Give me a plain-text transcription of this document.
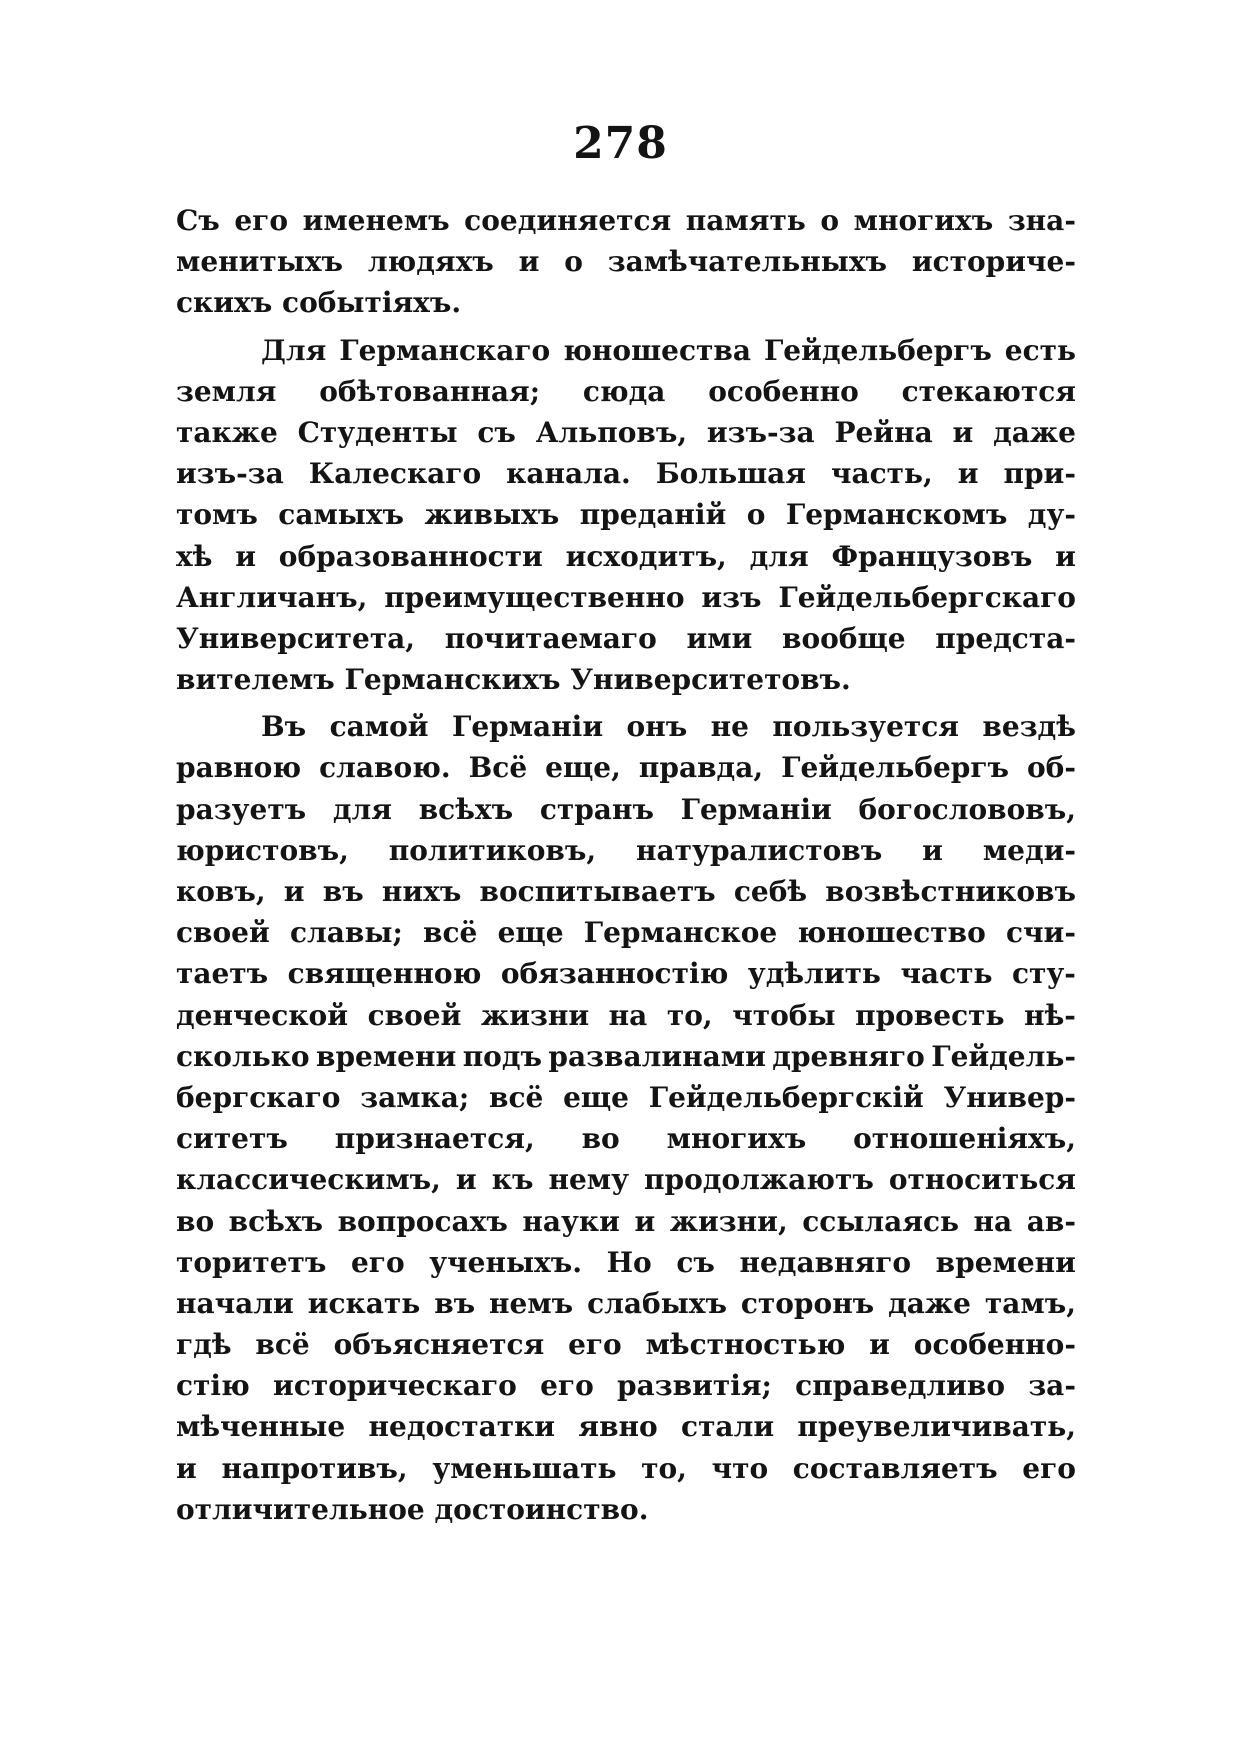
278
Съ его именемъ соединяется память о многихъ зна-
менитыхъ людяхъ и о замѣчательныхъ историче-
скихъ событіяхъ.
Для Германскаго юношества Гейдельбергъ есть
земля обѣтованная; сюда особенно стекаются
также Студенты съ Альповъ, изъ-за Рейна и даже
изъ-за Калескаго канала. Большая часть, и при-
томъ самыхъ живыхъ преданій о Германскомъ ду-
хѣ и образованности исходитъ, для Французовъ и
Англичанъ, преимущественно изъ Гейдельбергскаго
Университета, почитаемаго ими вообще предста-
вителемъ Германскихъ Университетовъ.
Въ самой Германіи онъ не пользуется вездѣ
равною славою. Всё еще, правда, Гейдельбергъ об-
разуетъ для всѣхъ странъ Германіи богослововъ,
юристовъ, политиковъ, натуралистовъ и меди-
ковъ, и въ нихъ воспитываетъ себѣ возвѣстниковъ
своей славы; всё еще Германское юношество счи-
таетъ священною обязанностію удѣлить часть сту-
денческой своей жизни на то, чтобы провесть нѣ-
сколько времени подъ развалинами древняго Гейдель-
бергскаго замка; всё еще Гейдельбергскій Универ-
ситетъ признается, во многихъ отношеніяхъ,
классическимъ, и къ нему продолжаютъ относиться
во всѣхъ вопросахъ науки и жизни, ссылаясь на ав-
торитетъ его ученыхъ. Но съ недавняго времени
начали искать въ немъ слабыхъ сторонъ даже тамъ,
гдѣ всё объясняется его мѣстностью и особенно-
стію историческаго его развитія; справедливо за-
мѣченные недостатки явно стали преувеличивать,
и напротивъ, уменьшать то, что составляетъ его
отличительное достоинство.
